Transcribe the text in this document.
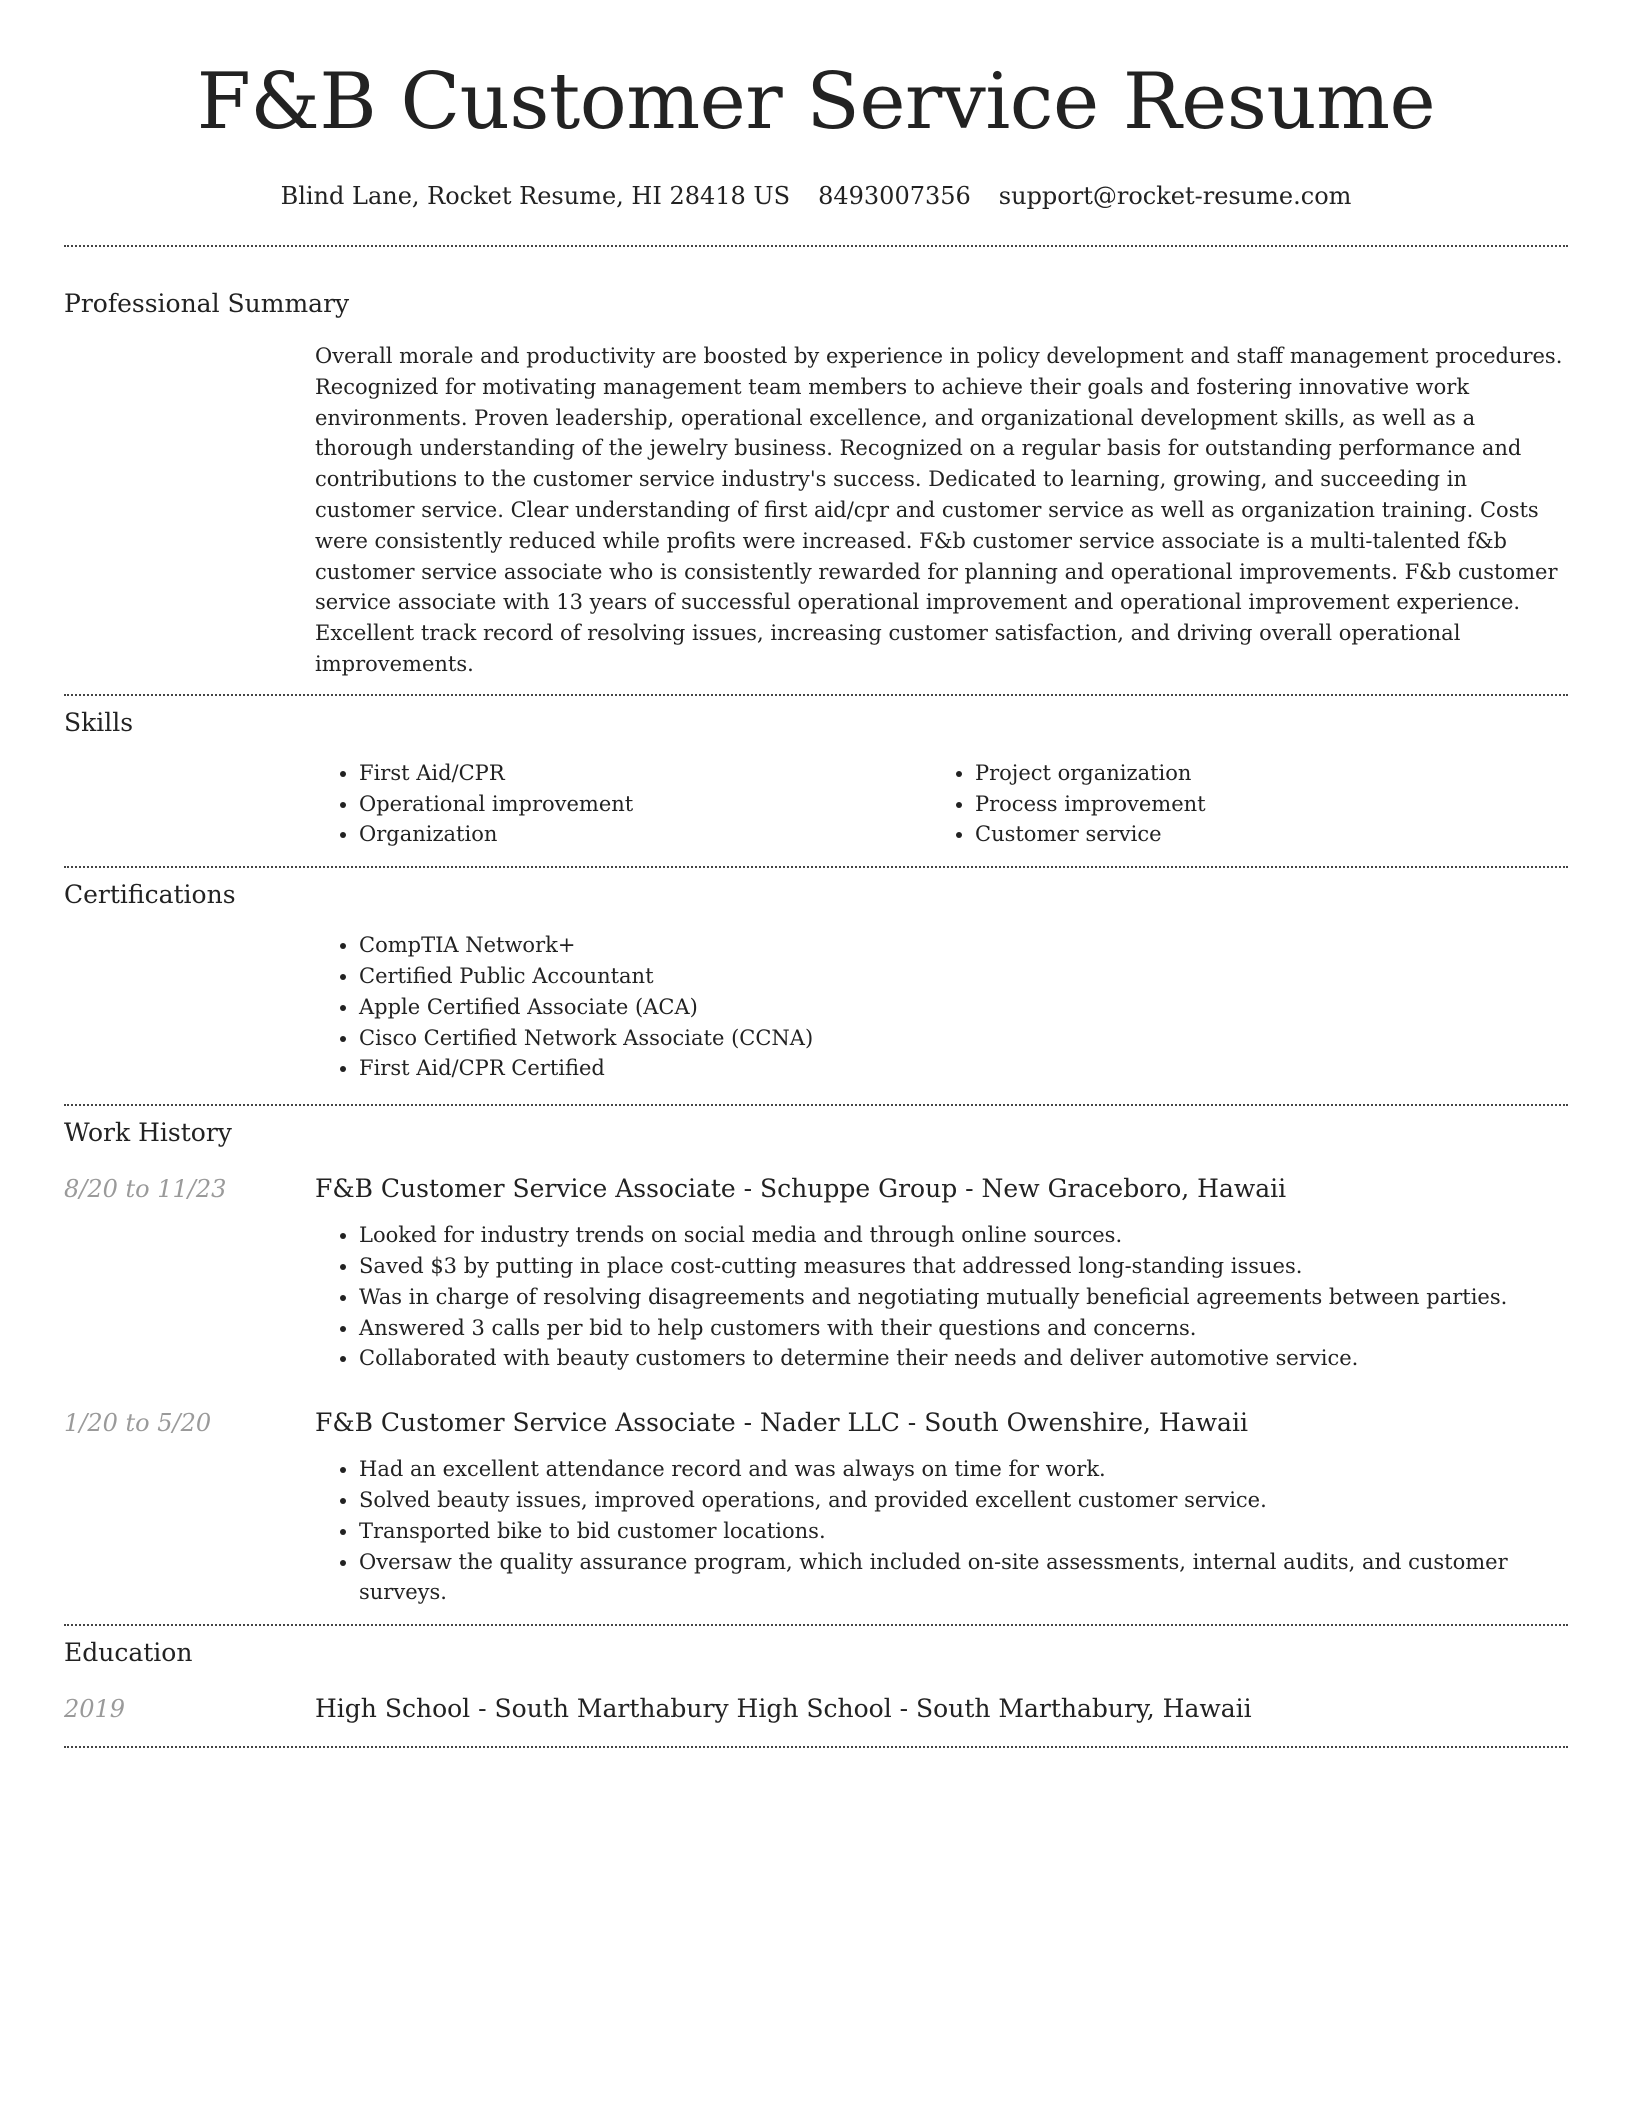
F&B Customer Service Resume
Blind Lane, Rocket Resume, HI 28418 US 8493007356 support@rocket-resume.com
Professional Summary

Overall morale and productivity are boosted by experience in policy development and staff management procedures. Recognized for motivating management team members to achieve their goals and fostering innovative work environments. Proven leadership, operational excellence, and organizational development skills, as well as a thorough understanding of the jewelry business. Recognized on a regular basis for outstanding performance and contributions to the customer service industry's success. Dedicated to learning, growing, and succeeding in customer service. Clear understanding of first aid/cpr and customer service as well as organization training. Costs were consistently reduced while profits were increased. F&b customer service associate is a multi-talented f&b customer service associate who is consistently rewarded for planning and operational improvements. F&b customer service associate with 13 years of successful operational improvement and operational improvement experience. Excellent track record of resolving issues, increasing customer satisfaction, and driving overall operational improvements.

Skills
• First Aid/CPR
• Operational improvement
• Organization
• Project organization
• Process improvement
• Customer service
Certifications
• CompTIA Network+
• Certified Public Accountant
• Apple Certified Associate (ACA)
• Cisco Certified Network Associate (CCNA)
• First Aid/CPR Certified
Work History
8/20 to 11/23	F&B Customer Service Associate - Schuppe Group - New Graceboro, Hawaii
• Looked for industry trends on social media and through online sources.
• Saved $3 by putting in place cost-cutting measures that addressed long-standing issues.
• Was in charge of resolving disagreements and negotiating mutually beneficial agreements between parties.
• Answered 3 calls per bid to help customers with their questions and concerns.
• Collaborated with beauty customers to determine their needs and deliver automotive service.
1/20 to 5/20	F&B Customer Service Associate - Nader LLC - South Owenshire, Hawaii
• Had an excellent attendance record and was always on time for work.
• Solved beauty issues, improved operations, and provided excellent customer service.
• Transported bike to bid customer locations.
• Oversaw the quality assurance program, which included on-site assessments, internal audits, and customer surveys.
Education
2019	High School - South Marthabury High School - South Marthabury, Hawaii
